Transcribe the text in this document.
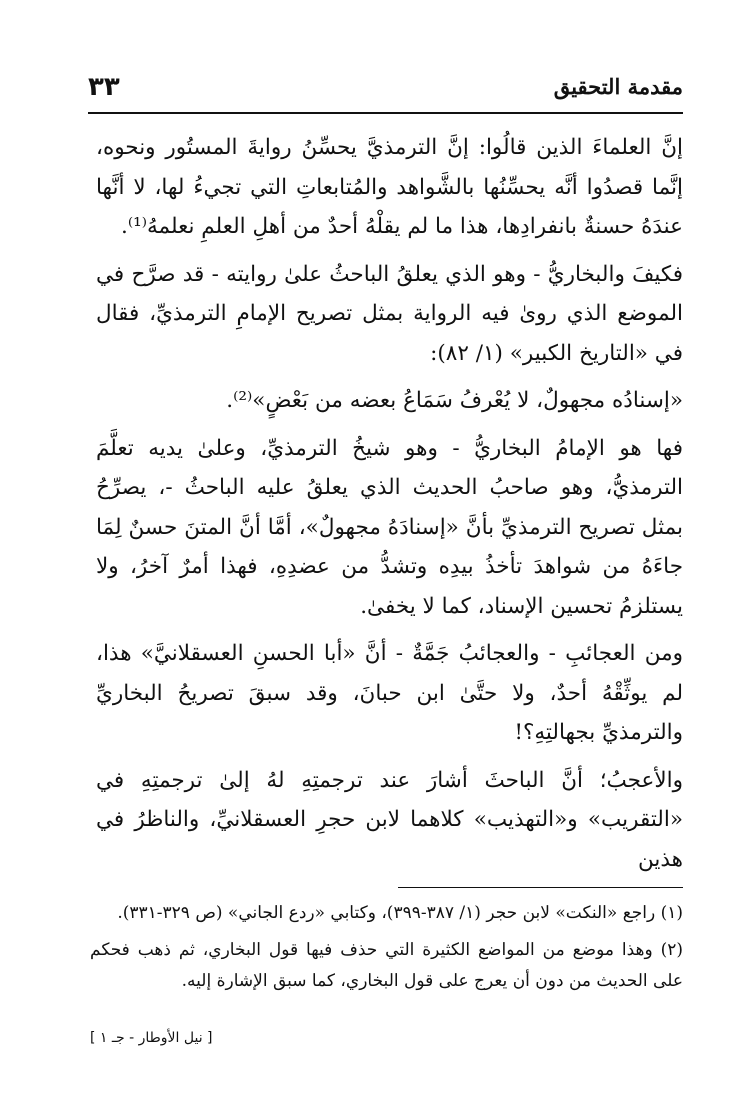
مقدمة التحقيق
٣٣

إنَّ العلماءَ الذين قالُوا: إنَّ الترمذيَّ يحسِّنُ روايةَ المستُور ونحوه، إنَّما قصدُوا أنَّه يحسِّنُها بالشَّواهد والمُتابعاتِ التي تجيءُ لها، لا أنَّها عندَهُ حسنةٌ بانفرادِها، هذا ما لم يقلْهُ أحدٌ من أهلِ العلمِ نعلمهُ⁽¹⁾.

فكيفَ والبخاريُّ - وهو الذي يعلقُ الباحثُ علىٰ روايته - قد صرَّح في الموضع الذي روىٰ فيه الرواية بمثل تصريح الإمامِ الترمذيِّ، فقال في «التاريخ الكبير» (١/ ٨٢):

«إسنادُه مجهولٌ، لا يُعْرفُ سَمَاعُ بعضه من بَعْضٍ»⁽²⁾.

فها هو الإمامُ البخاريُّ - وهو شيخُ الترمذيِّ، وعلىٰ يديه تعلَّمَ الترمذيُّ، وهو صاحبُ الحديث الذي يعلقُ عليه الباحثُ -، يصرِّحُ بمثل تصريح الترمذيِّ بأنَّ «إسنادَهُ مجهولٌ»، أمَّا أنَّ المتنَ حسنٌ لِمَا جاءَهُ من شواهدَ تأخذُ بيدِه وتشدُّ من عضدِهِ، فهذا أمرٌ آخرُ، ولا يستلزمُ تحسين الإسناد، كما لا يخفىٰ.

ومن العجائبِ - والعجائبُ جَمَّةٌ - أنَّ «أبا الحسنِ العسقلانيَّ» هذا، لم يوثِّقْهُ أحدٌ، ولا حتَّىٰ ابن حبانَ، وقد سبقَ تصريحُ البخاريِّ والترمذيِّ بجهالتِهِ؟!

والأعجبُ؛ أنَّ الباحثَ أشارَ عند ترجمتِهِ لهُ إلىٰ ترجمتِهِ في «التقريب» و«التهذيب» كلاهما لابن حجرِ العسقلانيِّ، والناظرُ في هذين

(١) راجع «النكت» لابن حجر (١/ ٣٨٧-٣٩٩)، وكتابي «ردع الجاني» (ص ٣٢٩-٣٣١).

(٢) وهذا موضع من المواضع الكثيرة التي حذف فيها قول البخاري، ثم ذهب فحكم على الحديث من دون أن يعرج على قول البخاري، كما سبق الإشارة إليه.

[ نيل الأوطار - جـ ١ ]
